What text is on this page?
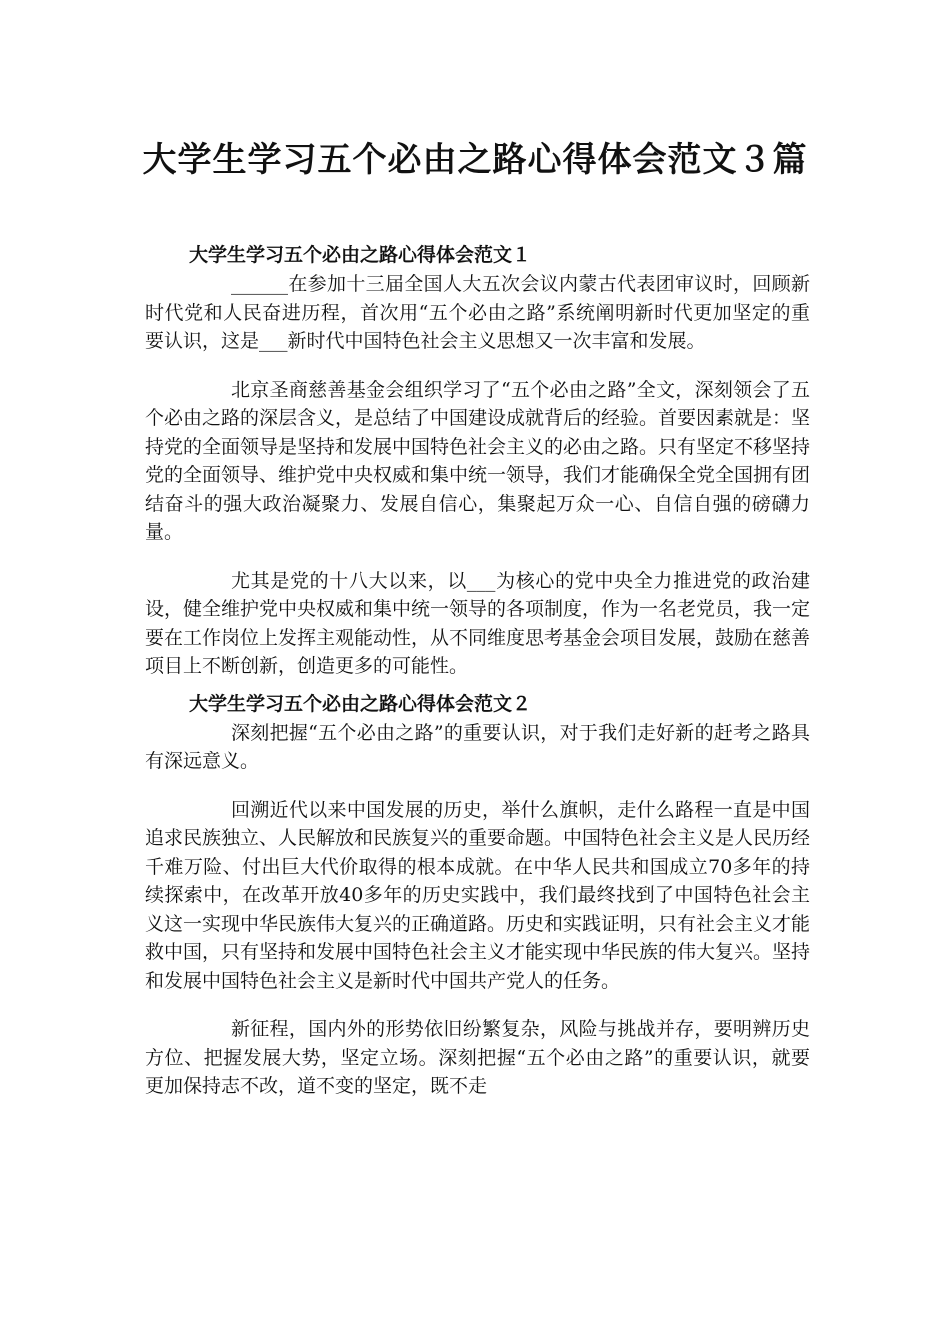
大学生学习五个必由之路心得体会范文３篇
大学生学习五个必由之路心得体会范文１

______在参加十三届全国人大五次会议内蒙古代表团审议时，回顾新时代党和人民奋进历程，首次用“五个必由之路”系统阐明新时代更加坚定的重要认识，这是___新时代中国特色社会主义思想又一次丰富和发展。

北京圣商慈善基金会组织学习了“五个必由之路”全文，深刻领会了五个必由之路的深层含义，是总结了中国建设成就背后的经验。首要因素就是：坚持党的全面领导是坚持和发展中国特色社会主义的必由之路。只有坚定不移坚持党的全面领导、维护党中央权威和集中统一领导，我们才能确保全党全国拥有团结奋斗的强大政治凝聚力、发展自信心，集聚起万众一心、自信自强的磅礴力量。

尤其是党的十八大以来，以___为核心的党中央全力推进党的政治建设，健全维护党中央权威和集中统一领导的各项制度，作为一名老党员，我一定要在工作岗位上发挥主观能动性，从不同维度思考基金会项目发展，鼓励在慈善项目上不断创新，创造更多的可能性。

大学生学习五个必由之路心得体会范文２

深刻把握“五个必由之路”的重要认识，对于我们走好新的赶考之路具有深远意义。

回溯近代以来中国发展的历史，举什么旗帜，走什么路程一直是中国追求民族独立、人民解放和民族复兴的重要命题。中国特色社会主义是人民历经千难万险、付出巨大代价取得的根本成就。在中华人民共和国成立70多年的持续探索中，在改革开放40多年的历史实践中，我们最终找到了中国特色社会主义这一实现中华民族伟大复兴的正确道路。历史和实践证明，只有社会主义才能救中国，只有坚持和发展中国特色社会主义才能实现中华民族的伟大复兴。坚持和发展中国特色社会主义是新时代中国共产党人的任务。

新征程，国内外的形势依旧纷繁复杂，风险与挑战并存，要明辨历史方位、把握发展大势，坚定立场。深刻把握“五个必由之路”的重要认识，就要更加保持志不改，道不变的坚定，既不走
